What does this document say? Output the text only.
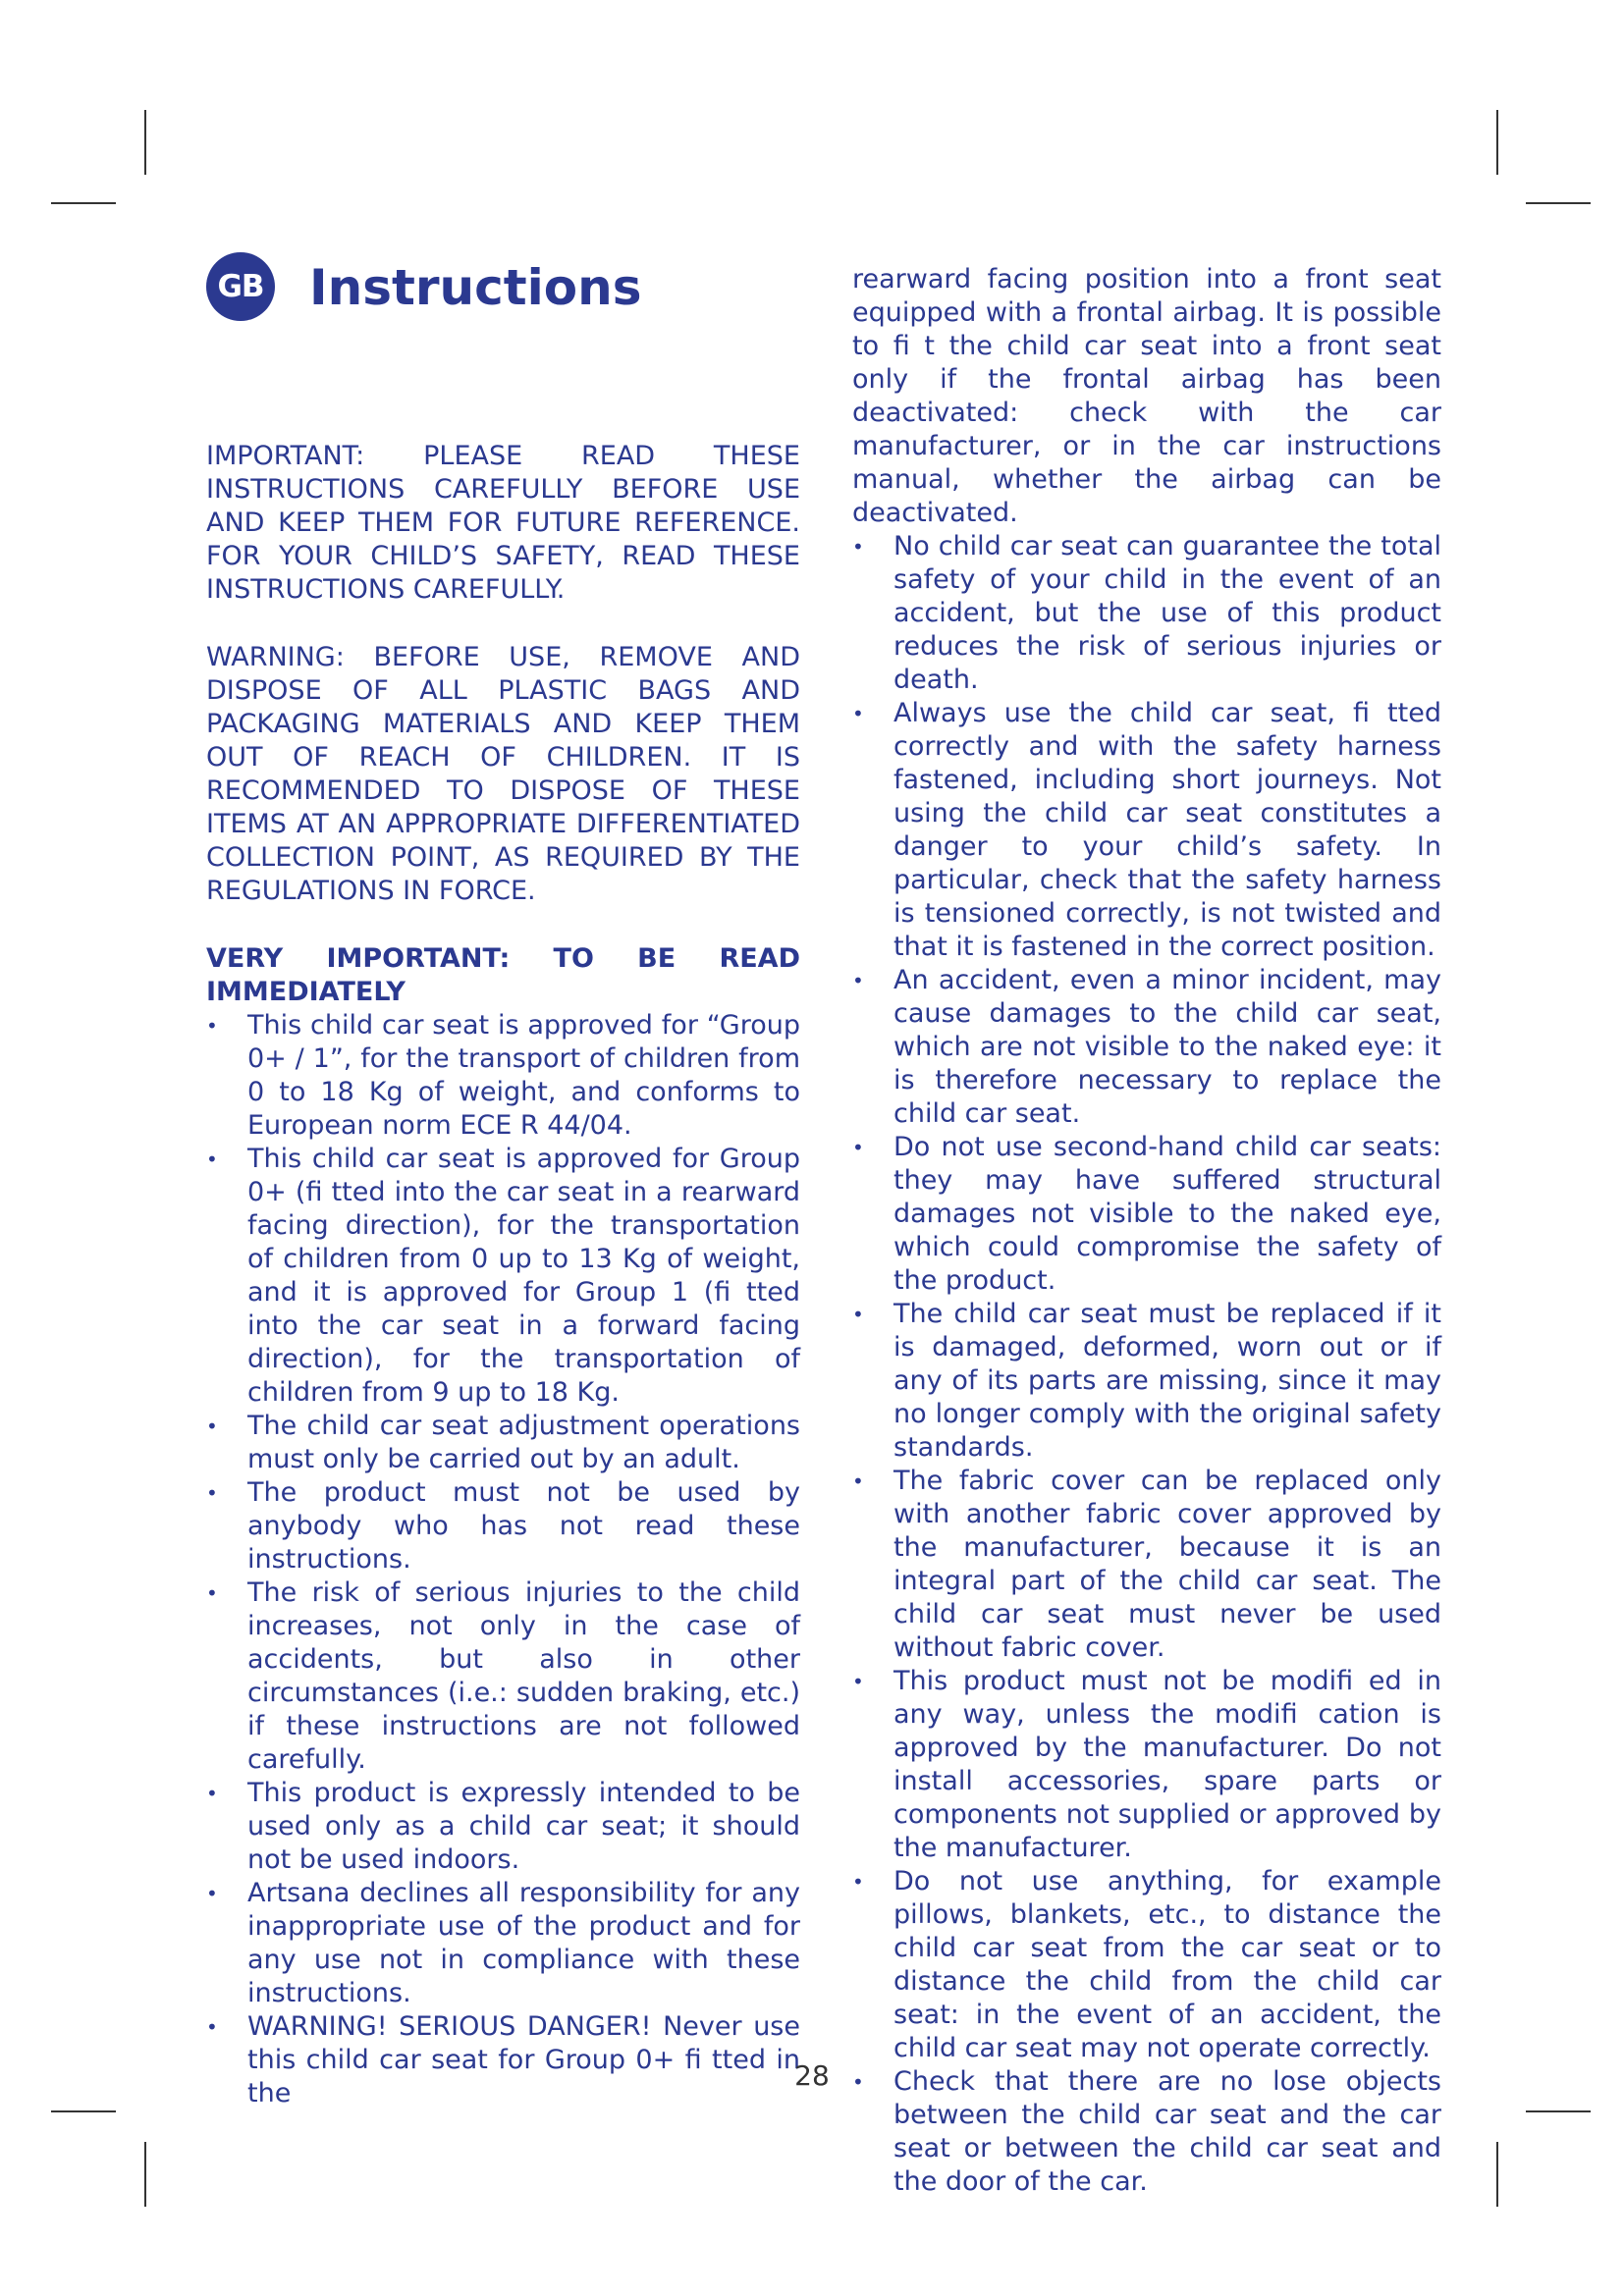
GB Instructions

IMPORTANT: PLEASE READ THESE INSTRUCTIONS CAREFULLY BEFORE USE AND KEEP THEM FOR FUTURE REFERENCE. FOR YOUR CHILD’S SAFETY, READ THESE INSTRUCTIONS CAREFULLY.

WARNING: BEFORE USE, REMOVE AND DISPOSE OF ALL PLASTIC BAGS AND PACKAGING MATERIALS AND KEEP THEM OUT OF REACH OF CHILDREN. IT IS RECOMMENDED TO DISPOSE OF THESE ITEMS AT AN APPROPRIATE DIFFERENTIATED COLLECTION POINT, AS REQUIRED BY THE REGULATIONS IN FORCE.

VERY IMPORTANT: TO BE READ IMMEDIATELY

• This child car seat is approved for “Group 0+ / 1”, for the transport of children from 0 to 18 Kg of weight, and conforms to European norm ECE R 44/04.
• This child car seat is approved for Group 0+ (fi tted into the car seat in a rearward facing direction), for the transportation of children from 0 up to 13 Kg of weight, and it is approved for Group 1 (fi tted into the car seat in a forward facing direction), for the transportation of children from 9 up to 18 Kg.
• The child car seat adjustment operations must only be carried out by an adult.
• The product must not be used by anybody who has not read these instructions.
• The risk of serious injuries to the child increases, not only in the case of accidents, but also in other circumstances (i.e.: sudden braking, etc.) if these instructions are not followed carefully.
• This product is expressly intended to be used only as a child car seat; it should not be used indoors.
• Artsana declines all responsibility for any inappropriate use of the product and for any use not in compliance with these instructions.
• WARNING! SERIOUS DANGER! Never use this child car seat for Group 0+ fi tted in the

rearward facing position into a front seat equipped with a frontal airbag. It is possible to fi t the child car seat into a front seat only if the frontal airbag has been deactivated: check with the car manufacturer, or in the car instructions manual, whether the airbag can be deactivated.

• No child car seat can guarantee the total safety of your child in the event of an accident, but the use of this product reduces the risk of serious injuries or death.
• Always use the child car seat, fi tted correctly and with the safety harness fastened, including short journeys. Not using the child car seat constitutes a danger to your child’s safety. In particular, check that the safety harness is tensioned correctly, is not twisted and that it is fastened in the correct position.
• An accident, even a minor incident, may cause damages to the child car seat, which are not visible to the naked eye: it is therefore necessary to replace the child car seat.
• Do not use second-hand child car seats: they may have suffered structural damages not visible to the naked eye, which could compromise the safety of the product.
• The child car seat must be replaced if it is damaged, deformed, worn out or if any of its parts are missing, since it may no longer comply with the original safety standards.
• The fabric cover can be replaced only with another fabric cover approved by the manufacturer, because it is an integral part of the child car seat. The child car seat must never be used without fabric cover.
• This product must not be modifi ed in any way, unless the modifi cation is approved by the manufacturer. Do not install accessories, spare parts or components not supplied or approved by the manufacturer.
• Do not use anything, for example pillows, blankets, etc., to distance the child car seat from the car seat or to distance the child from the child car seat: in the event of an accident, the child car seat may not operate correctly.
• Check that there are no lose objects between the child car seat and the car seat or between the child car seat and the door of the car.
28
